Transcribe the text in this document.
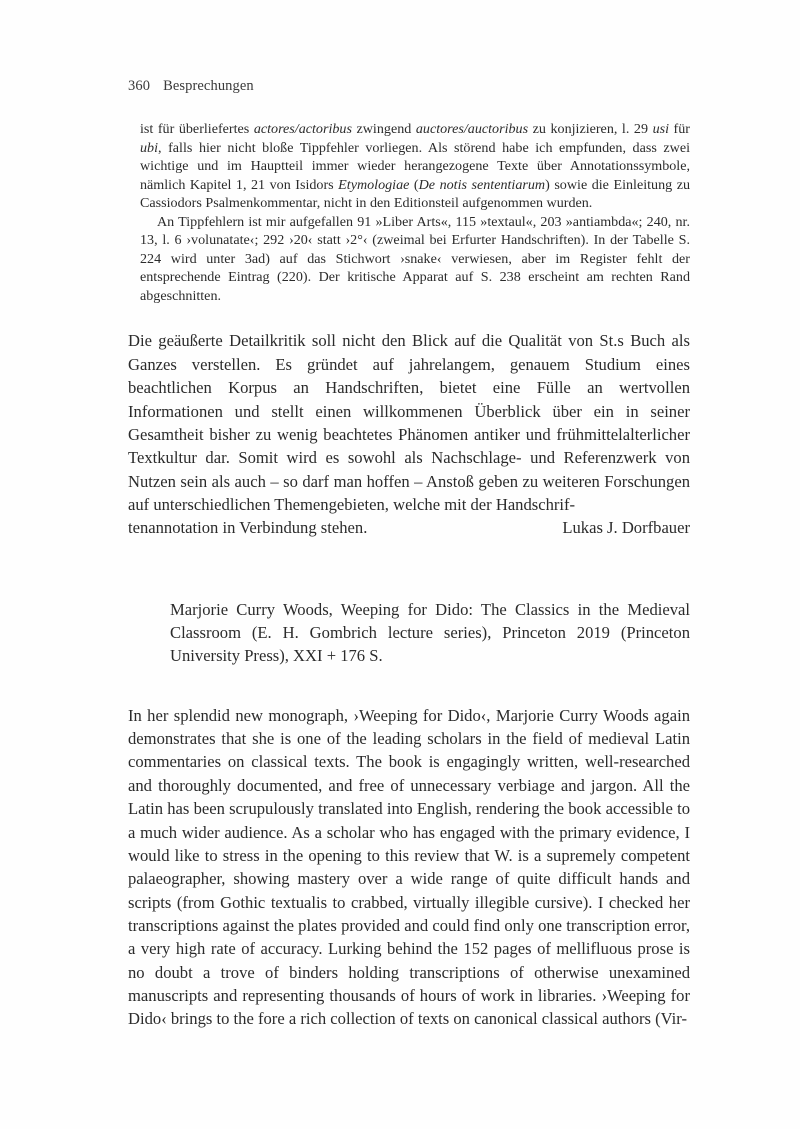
360 Besprechungen

ist für überliefertes actores/actoribus zwingend auctores/auctoribus zu konjizieren, l. 29 usi für ubi, falls hier nicht bloße Tippfehler vorliegen. Als störend habe ich empfunden, dass zwei wichtige und im Hauptteil immer wieder herangezogene Texte über Annotationssymbole, nämlich Kapitel 1, 21 von Isidors Etymologiae (De notis sententiarum) sowie die Einleitung zu Cassiodors Psalmenkommentar, nicht in den Editionsteil aufgenommen wurden.

An Tippfehlern ist mir aufgefallen 91 »Liber Arts«, 115 »textaul«, 203 »antiambda«; 240, nr. 13, l. 6 ›volunatate‹; 292 ›20‹ statt ›2°‹ (zweimal bei Erfurter Handschriften). In der Tabelle S. 224 wird unter 3ad) auf das Stichwort ›snake‹ verwiesen, aber im Register fehlt der entsprechende Eintrag (220). Der kritische Apparat auf S. 238 erscheint am rechten Rand abgeschnitten.

Die geäußerte Detailkritik soll nicht den Blick auf die Qualität von St.s Buch als Ganzes verstellen. Es gründet auf jahrelangem, genauem Studium eines beachtlichen Korpus an Handschriften, bietet eine Fülle an wertvollen Informationen und stellt einen willkommenen Überblick über ein in seiner Gesamtheit bisher zu wenig beachtetes Phänomen antiker und frühmittelalterlicher Textkultur dar. Somit wird es sowohl als Nachschlage- und Referenzwerk von Nutzen sein als auch – so darf man hoffen – Anstoß geben zu weiteren Forschungen auf unterschiedlichen Themengebieten, welche mit der Handschrif-

tenannotation in Verbindung stehen.	Lukas J. Dorfbauer

Marjorie Curry Woods, Weeping for Dido: The Classics in the Medieval Classroom (E. H. Gombrich lecture series), Princeton 2019 (Princeton University Press), XXI + 176 S.

In her splendid new monograph, ›Weeping for Dido‹, Marjorie Curry Woods again demonstrates that she is one of the leading scholars in the field of medieval Latin commentaries on classical texts. The book is engagingly written, well-researched and thoroughly documented, and free of unnecessary verbiage and jargon. All the Latin has been scrupulously translated into English, rendering the book accessible to a much wider audience. As a scholar who has engaged with the primary evidence, I would like to stress in the opening to this review that W. is a supremely competent palaeographer, showing mastery over a wide range of quite difficult hands and scripts (from Gothic textualis to crabbed, virtually illegible cursive). I checked her transcriptions against the plates provided and could find only one transcription error, a very high rate of accuracy. Lurking behind the 152 pages of mellifluous prose is no doubt a trove of binders holding transcriptions of otherwise unexamined manuscripts and representing thousands of hours of work in libraries. ›Weeping for Dido‹ brings to the fore a rich collection of texts on canonical classical authors (Vir-
